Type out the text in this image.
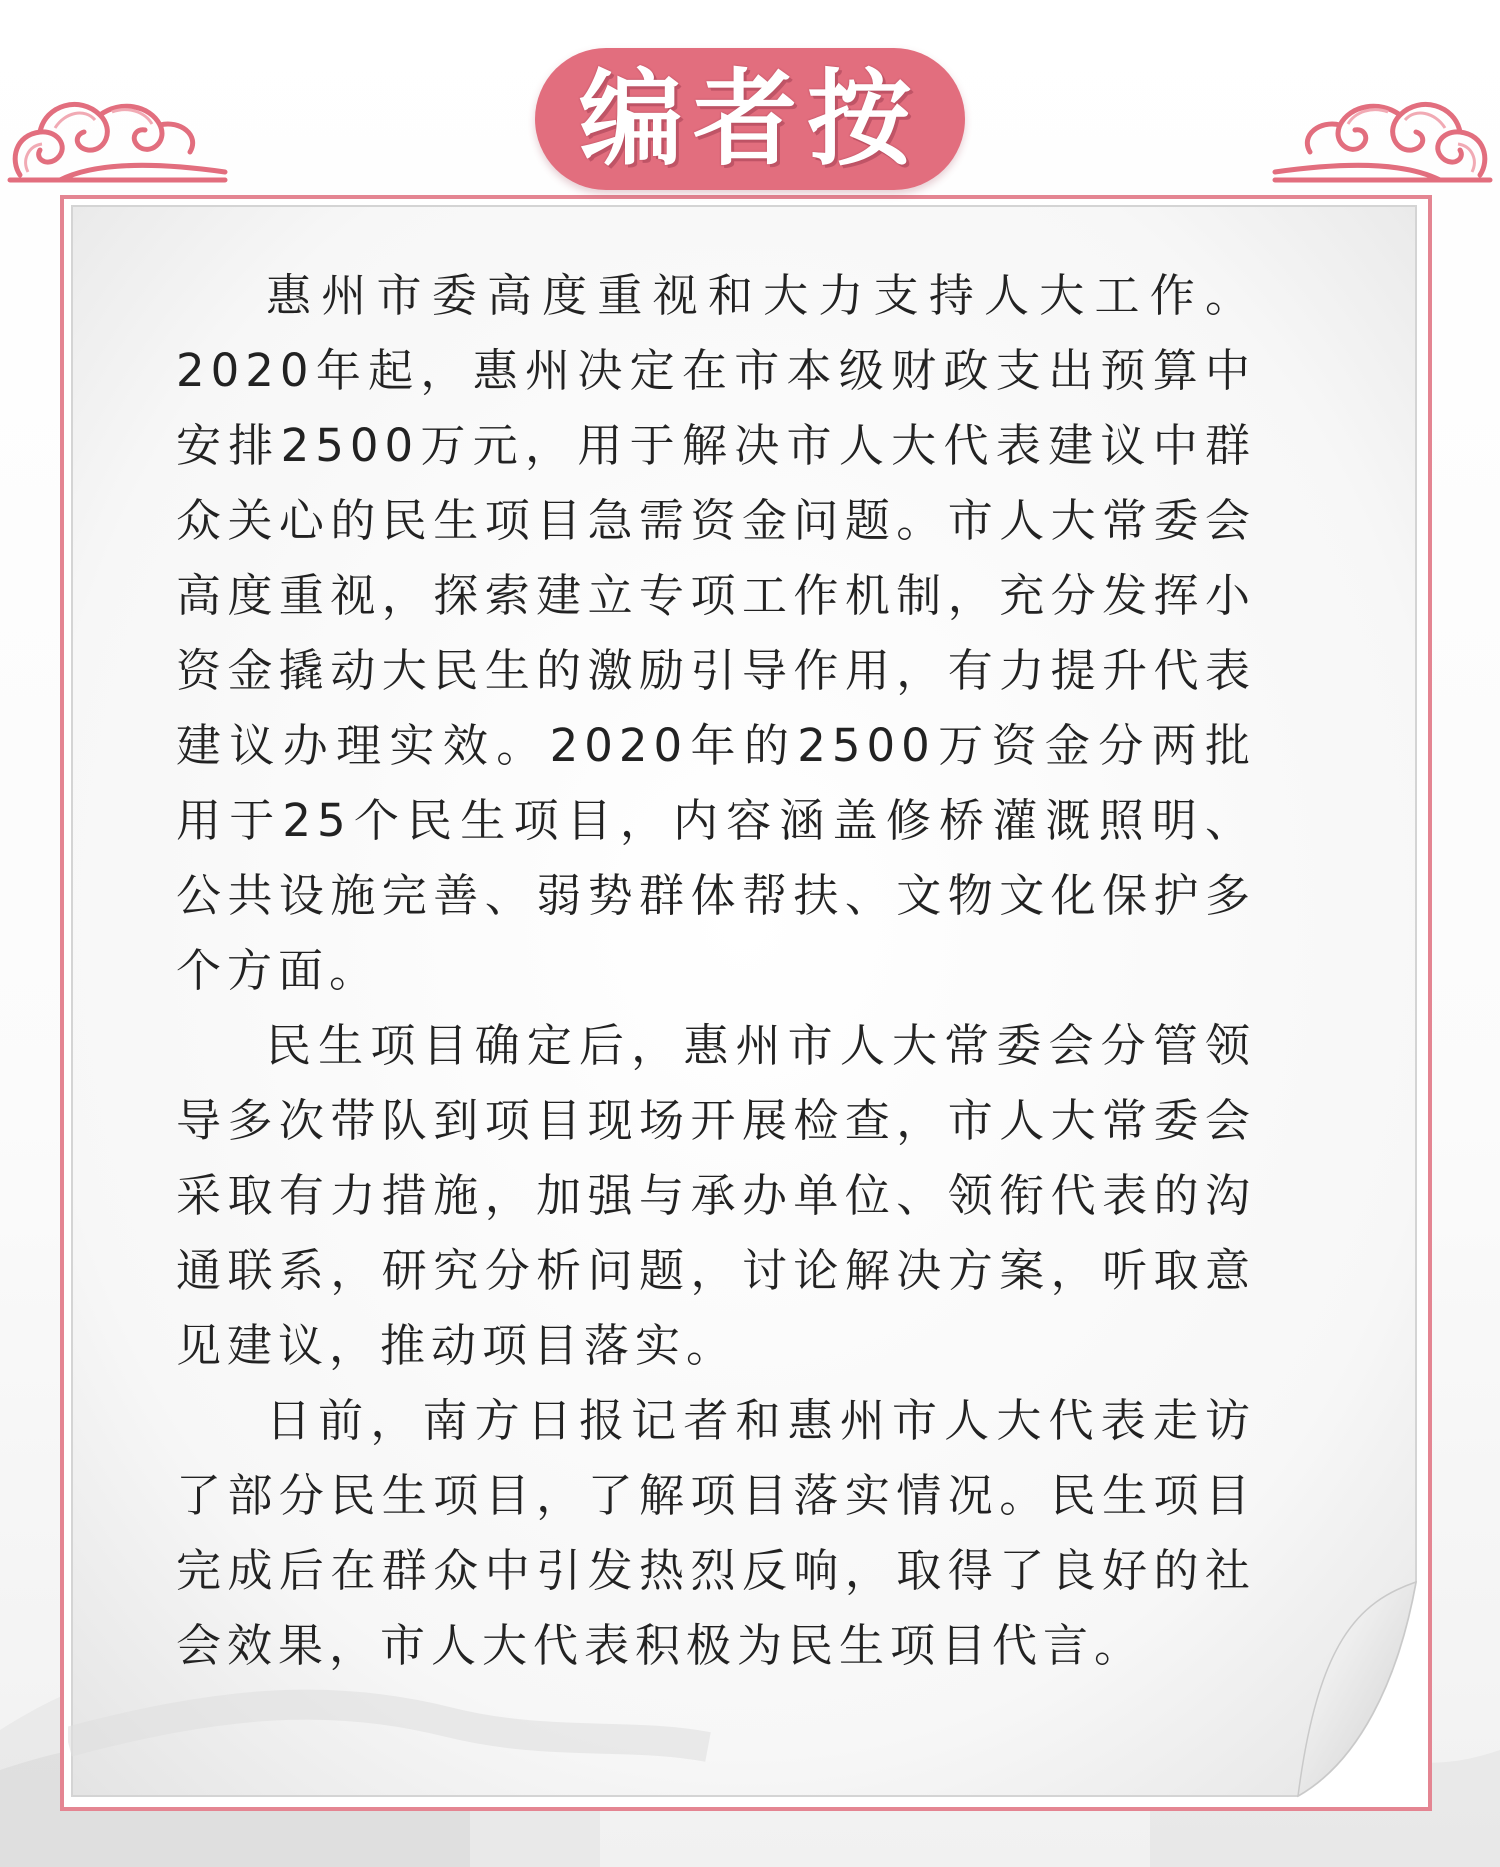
编者按

惠州市委高度重视和大力支持人大工作。2020年起，惠州决定在市本级财政支出预算中安排2500万元，用于解决市人大代表建议中群众关心的民生项目急需资金问题。市人大常委会高度重视，探索建立专项工作机制，充分发挥小资金撬动大民生的激励引导作用，有力提升代表建议办理实效。2020年的2500万资金分两批用于25个民生项目，内容涵盖修桥灌溉照明、公共设施完善、弱势群体帮扶、文物文化保护多个方面。

民生项目确定后，惠州市人大常委会分管领导多次带队到项目现场开展检查，市人大常委会采取有力措施，加强与承办单位、领衔代表的沟通联系，研究分析问题，讨论解决方案，听取意见建议，推动项目落实。

日前，南方日报记者和惠州市人大代表走访了部分民生项目，了解项目落实情况。民生项目完成后在群众中引发热烈反响，取得了良好的社会效果，市人大代表积极为民生项目代言。
